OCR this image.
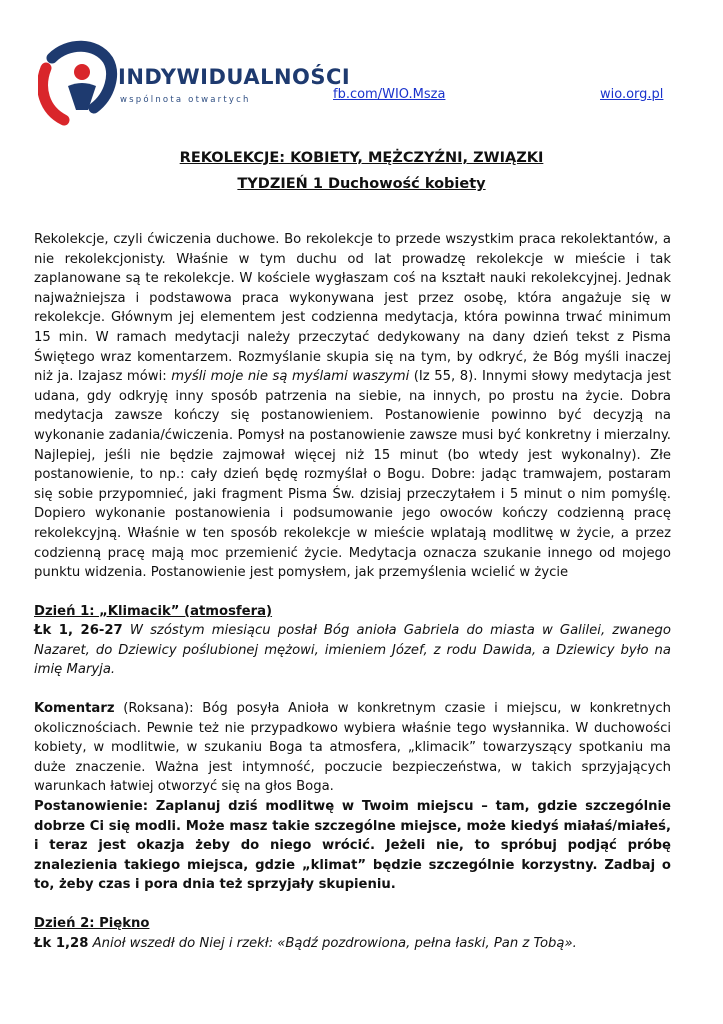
INDYWIDUALNOŚCI
wspólnota otwartych	fb.com/WIO.Msza	wio.org.pl
REKOLEKCJE: KOBIETY, MĘŻCZYŹNI, ZWIĄZKI
TYDZIEŃ 1 Duchowość kobiety

Rekolekcje, czyli ćwiczenia duchowe. Bo rekolekcje to przede wszystkim praca rekolektantów, a nie rekolekcjonisty. Właśnie w tym duchu od lat prowadzę rekolekcje w mieście i tak zaplanowane są te rekolekcje. W kościele wygłaszam coś na kształt nauki rekolekcyjnej. Jednak najważniejsza i podstawowa praca wykonywana jest przez osobę, która angażuje się w rekolekcje. Głównym jej elementem jest codzienna medytacja, która powinna trwać minimum 15 min. W ramach medytacji należy przeczytać dedykowany na dany dzień tekst z Pisma Świętego wraz komentarzem. Rozmyślanie skupia się na tym, by odkryć, że Bóg myśli inaczej niż ja. Izajasz mówi: myśli moje nie są myślami waszymi (Iz 55, 8). Innymi słowy medytacja jest udana, gdy odkryję inny sposób patrzenia na siebie, na innych, po prostu na życie. Dobra medytacja zawsze kończy się postanowieniem. Postanowienie powinno być decyzją na wykonanie zadania/ćwiczenia. Pomysł na postanowienie zawsze musi być konkretny i mierzalny. Najlepiej, jeśli nie będzie zajmował więcej niż 15 minut (bo wtedy jest wykonalny). Złe postanowienie, to np.: cały dzień będę rozmyślał o Bogu. Dobre: jadąc tramwajem, postaram się sobie przypomnieć, jaki fragment Pisma Św. dzisiaj przeczytałem i 5 minut o nim pomyślę. Dopiero wykonanie postanowienia i podsumowanie jego owoców kończy codzienną pracę rekolekcyjną. Właśnie w ten sposób rekolekcje w mieście wplatają modlitwę w życie, a przez codzienną pracę mają moc przemienić życie. Medytacja oznacza szukanie innego od mojego punktu widzenia. Postanowienie jest pomysłem, jak przemyślenia wcielić w życie

Dzień 1: „Klimacik” (atmosfera)

Łk 1, 26-27 W szóstym miesiącu posłał Bóg anioła Gabriela do miasta w Galilei, zwanego Nazaret, do Dziewicy poślubionej mężowi, imieniem Józef, z rodu Dawida, a Dziewicy było na imię Maryja.

Komentarz (Roksana): Bóg posyła Anioła w konkretnym czasie i miejscu, w konkretnych okolicznościach. Pewnie też nie przypadkowo wybiera właśnie tego wysłannika. W duchowości kobiety, w modlitwie, w szukaniu Boga ta atmosfera, „klimacik” towarzyszący spotkaniu ma duże znaczenie. Ważna jest intymność, poczucie bezpieczeństwa, w takich sprzyjających warunkach łatwiej otworzyć się na głos Boga.

Postanowienie: Zaplanuj dziś modlitwę w Twoim miejscu – tam, gdzie szczególnie dobrze Ci się modli. Może masz takie szczególne miejsce, może kiedyś miałaś/miałeś, i teraz jest okazja żeby do niego wrócić. Jeżeli nie, to spróbuj podjąć próbę znalezienia takiego miejsca, gdzie „klimat” będzie szczególnie korzystny. Zadbaj o to, żeby czas i pora dnia też sprzyjały skupieniu.

Dzień 2: Piękno

Łk 1,28 Anioł wszedł do Niej i rzekł: «Bądź pozdrowiona, pełna łaski, Pan z Tobą».
